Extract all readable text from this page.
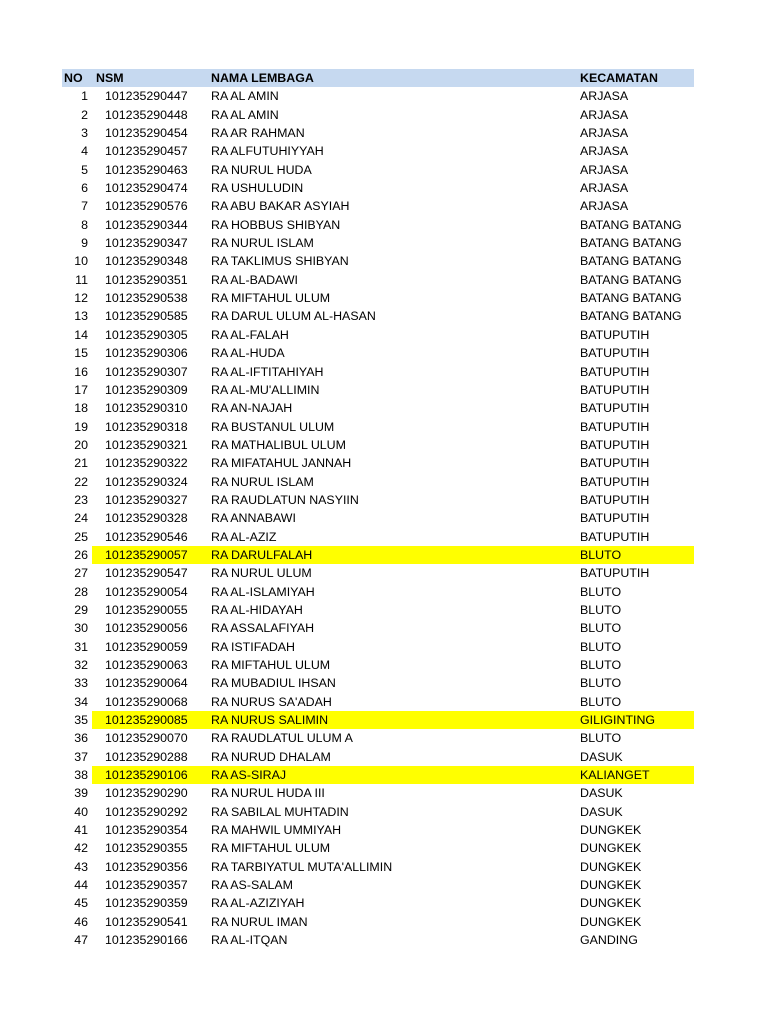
NO	NSM	NAMA LEMBAGA	KECAMATAN
1	101235290447	RA AL AMIN	ARJASA
2	101235290448	RA AL AMIN	ARJASA
3	101235290454	RA AR RAHMAN	ARJASA
4	101235290457	RA ALFUTUHIYYAH	ARJASA
5	101235290463	RA NURUL HUDA	ARJASA
6	101235290474	RA USHULUDIN	ARJASA
7	101235290576	RA ABU BAKAR ASYIAH	ARJASA
8	101235290344	RA HOBBUS SHIBYAN	BATANG BATANG
9	101235290347	RA NURUL ISLAM	BATANG BATANG
10	101235290348	RA TAKLIMUS SHIBYAN	BATANG BATANG
11	101235290351	RA AL-BADAWI	BATANG BATANG
12	101235290538	RA MIFTAHUL ULUM	BATANG BATANG
13	101235290585	RA DARUL ULUM AL-HASAN	BATANG BATANG
14	101235290305	RA AL-FALAH	BATUPUTIH
15	101235290306	RA AL-HUDA	BATUPUTIH
16	101235290307	RA AL-IFTITAHIYAH	BATUPUTIH
17	101235290309	RA AL-MU'ALLIMIN	BATUPUTIH
18	101235290310	RA AN-NAJAH	BATUPUTIH
19	101235290318	RA BUSTANUL ULUM	BATUPUTIH
20	101235290321	RA MATHALIBUL ULUM	BATUPUTIH
21	101235290322	RA MIFATAHUL JANNAH	BATUPUTIH
22	101235290324	RA NURUL ISLAM	BATUPUTIH
23	101235290327	RA RAUDLATUN NASYIIN	BATUPUTIH
24	101235290328	RA ANNABAWI	BATUPUTIH
25	101235290546	RA AL-AZIZ	BATUPUTIH
26	101235290057	RA DARULFALAH	BLUTO
27	101235290547	RA NURUL ULUM	BATUPUTIH
28	101235290054	RA AL-ISLAMIYAH	BLUTO
29	101235290055	RA AL-HIDAYAH	BLUTO
30	101235290056	RA ASSALAFIYAH	BLUTO
31	101235290059	RA ISTIFADAH	BLUTO
32	101235290063	RA MIFTAHUL ULUM	BLUTO
33	101235290064	RA MUBADIUL IHSAN	BLUTO
34	101235290068	RA NURUS SA'ADAH	BLUTO
35	101235290085	RA NURUS SALIMIN	GILIGINTING
36	101235290070	RA RAUDLATUL ULUM A	BLUTO
37	101235290288	RA NURUD DHALAM	DASUK
38	101235290106	RA AS-SIRAJ	KALIANGET
39	101235290290	RA NURUL HUDA III	DASUK
40	101235290292	RA SABILAL MUHTADIN	DASUK
41	101235290354	RA MAHWIL UMMIYAH	DUNGKEK
42	101235290355	RA MIFTAHUL ULUM	DUNGKEK
43	101235290356	RA TARBIYATUL MUTA'ALLIMIN	DUNGKEK
44	101235290357	RA AS-SALAM	DUNGKEK
45	101235290359	RA AL-AZIZIYAH	DUNGKEK
46	101235290541	RA NURUL IMAN	DUNGKEK
47	101235290166	RA AL-ITQAN	GANDING
